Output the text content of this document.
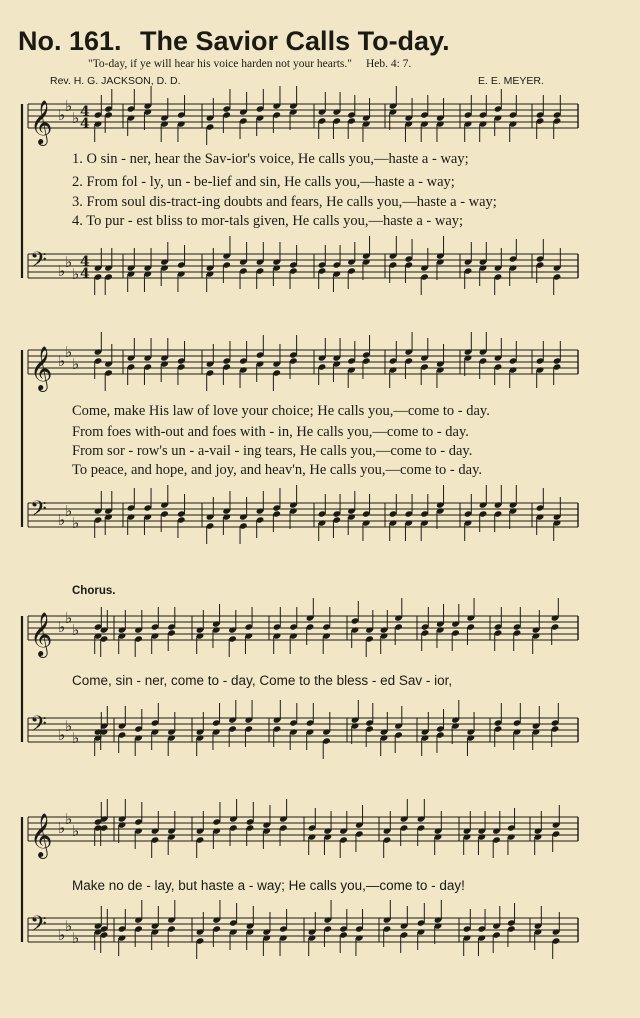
No. 161. The Savior Calls To-day.
"To-day, if ye will hear his voice harden not your hearts." Heb. 4: 7.
Rev. H. G. JACKSON, D. D.	E. E. MEYER.
𝄞 ♭ ♭
♭ 4
4
𝄢 ♭ ♭
♭
4
4
𝄞 ♭ ♭
♭
𝄢 ♭ ♭
♭
𝄞 ♭ ♭
♭
𝄢 ♭ ♭
♭
𝄞 ♭ ♭
♭
𝄢 ♭ ♭
♭
1. O sin - ner, hear the Sav-ior's voice, He calls you,—haste a - way;
2. From fol - ly, un - be-lief and sin, He calls you,—haste a - way;
3. From soul dis-tract-ing doubts and fears, He calls you,—haste a - way;
4. To pur - est bliss to mor-tals given, He calls you,—haste a - way;
Come, make His law of love your choice; He calls you,—come to - day.
From foes with-out and foes with - in, He calls you,—come to - day.
From sor - row's un - a-vail - ing tears, He calls you,—come to - day.
To peace, and hope, and joy, and heav'n, He calls you,—come to - day.
Chorus.
Come, sin - ner, come to - day, Come to the bless - ed Sav - ior,
Make no de - lay, but haste a - way; He calls you,—come to - day!
